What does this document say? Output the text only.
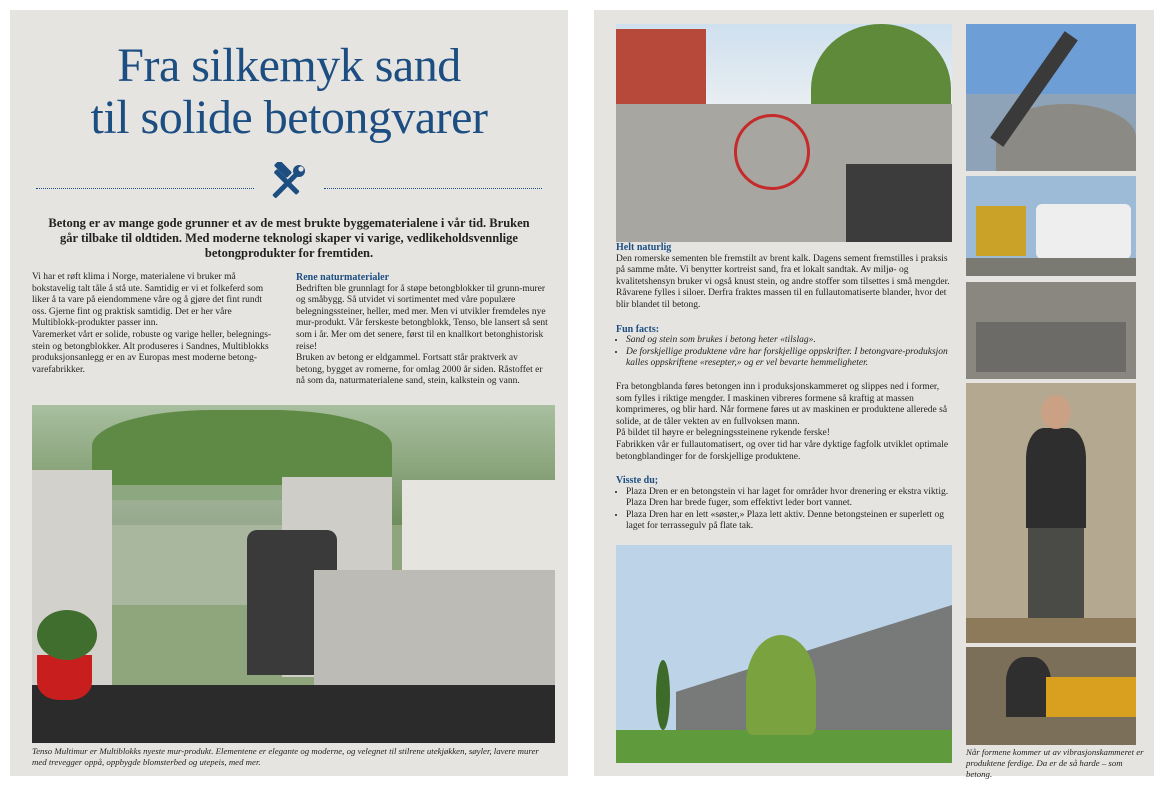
Fra silkemyk sand
til solide betongvarer

Betong er av mange gode grunner et av de mest brukte byggematerialene i vår tid. Bruken går tilbake til oldtiden. Med moderne teknologi skaper vi varige, vedlikeholdsvennlige betongprodukter for fremtiden.

Vi har et røft klima i Norge, materialene vi bruker må bokstavelig talt tåle å stå ute. Samtidig er vi et folkeferd som liker å ta vare på eiendommene våre og å gjøre det fint rundt oss. Gjerne fint og praktisk samtidig. Det er her våre Multiblokk-produkter passer inn.

Varemerket vårt er solide, robuste og varige heller, belegnings-stein og betongblokker. Alt produseres i Sandnes, Multiblokks produksjonsanlegg er en av Europas mest moderne betong-varefabrikker.

Rene naturmaterialer

Bedriften ble grunnlagt for å støpe betongblokker til grunn-murer og småbygg. Så utvidet vi sortimentet med våre populære belegningssteiner, heller, med mer. Men vi utvikler fremdeles nye mur-produkt. Vår ferskeste betongblokk, Tenso, ble lansert så sent som i år. Mer om det senere, først til en knallkort betonghistorisk reise!

Bruken av betong er eldgammel. Fortsatt står praktverk av betong, bygget av romerne, for omlag 2000 år siden. Råstoffet er nå som da, naturmaterialene sand, stein, kalkstein og vann.

Tenso Multimur er Multiblokks nyeste mur-produkt. Elementene er elegante og moderne, og velegnet til stilrene utekjøkken, søyler, lavere murer med trevegger oppå, oppbygde blomsterbed og utepeis, med mer.

Helt naturlig

Den romerske sementen ble fremstilt av brent kalk. Dagens sement fremstilles i praksis på samme måte. Vi benytter kortreist sand, fra et lokalt sandtak. Av miljø- og kvalitetshensyn bruker vi også knust stein, og andre stoffer som tilsettes i små mengder. Råvarene fylles i siloer. Derfra fraktes massen til en fullautomatiserte blander, hvor det blir blandet til betong.

Fun facts:

• Sand og stein som brukes i betong heter «tilslag».
• De forskjellige produktene våre har forskjellige oppskrifter. I betongvare-produksjon kalles oppskriftene «resepter,» og er vel bevarte hemmeligheter.

Fra betongblanda føres betongen inn i produksjonskammeret og slippes ned i former, som fylles i riktige mengder. I maskinen vibreres formene så kraftig at massen komprimeres, og blir hard. Når formene føres ut av maskinen er produktene allerede så solide, at de tåler vekten av en fullvoksen mann.

På bildet til høyre er belegningssteinene rykende ferske!

Fabrikken vår er fullautomatisert, og over tid har våre dyktige fagfolk utviklet optimale betongblandinger for de forskjellige produktene.

Visste du;

• Plaza Dren er en betongstein vi har laget for områder hvor drenering er ekstra viktig. Plaza Dren har brede fuger, som effektivt leder bort vannet.
• Plaza Dren har en lett «søster,» Plaza lett aktiv. Denne betongsteinen er superlett og laget for terrassegulv på flate tak.

Når formene kommer ut av vibrasjonskammeret er produktene ferdige. Da er de så harde – som betong.
